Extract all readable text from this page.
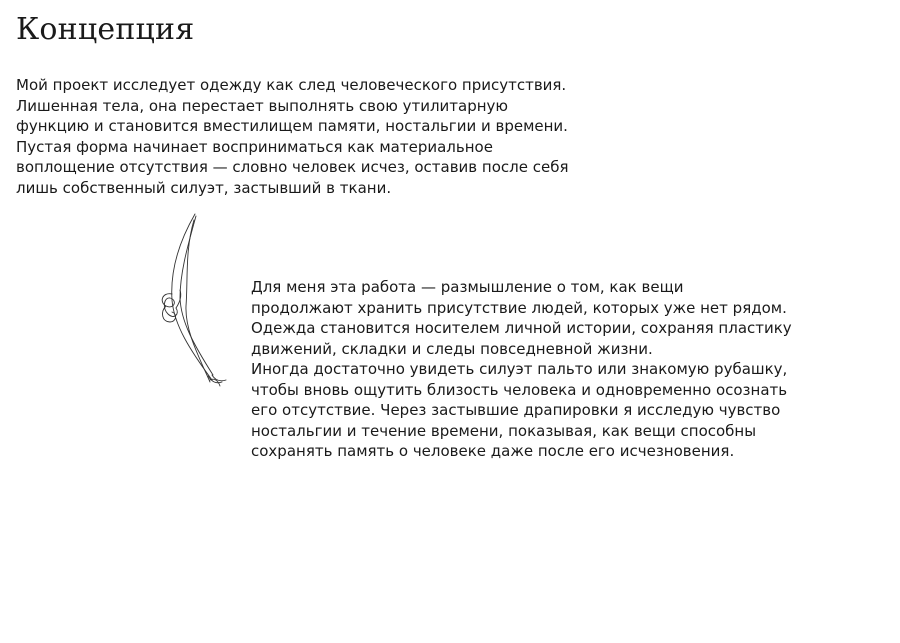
Концепция
Мой проект исследует одежду как след человеческого присутствия.
Лишенная тела, она перестает выполнять свою утилитарную
функцию и становится вместилищем памяти, ностальгии и времени.
Пустая форма начинает восприниматься как материальное
воплощение отсутствия — словно человек исчез, оставив после себя
лишь собственный силуэт, застывший в ткани.
Для меня эта работа — размышление о том, как вещи
продолжают хранить присутствие людей, которых уже нет рядом.
Одежда становится носителем личной истории, сохраняя пластику
движений, складки и следы повседневной жизни.
Иногда достаточно увидеть силуэт пальто или знакомую рубашку,
чтобы вновь ощутить близость человека и одновременно осознать
его отсутствие. Через застывшие драпировки я исследую чувство
ностальгии и течение времени, показывая, как вещи способны
сохранять память о человеке даже после его исчезновения.
